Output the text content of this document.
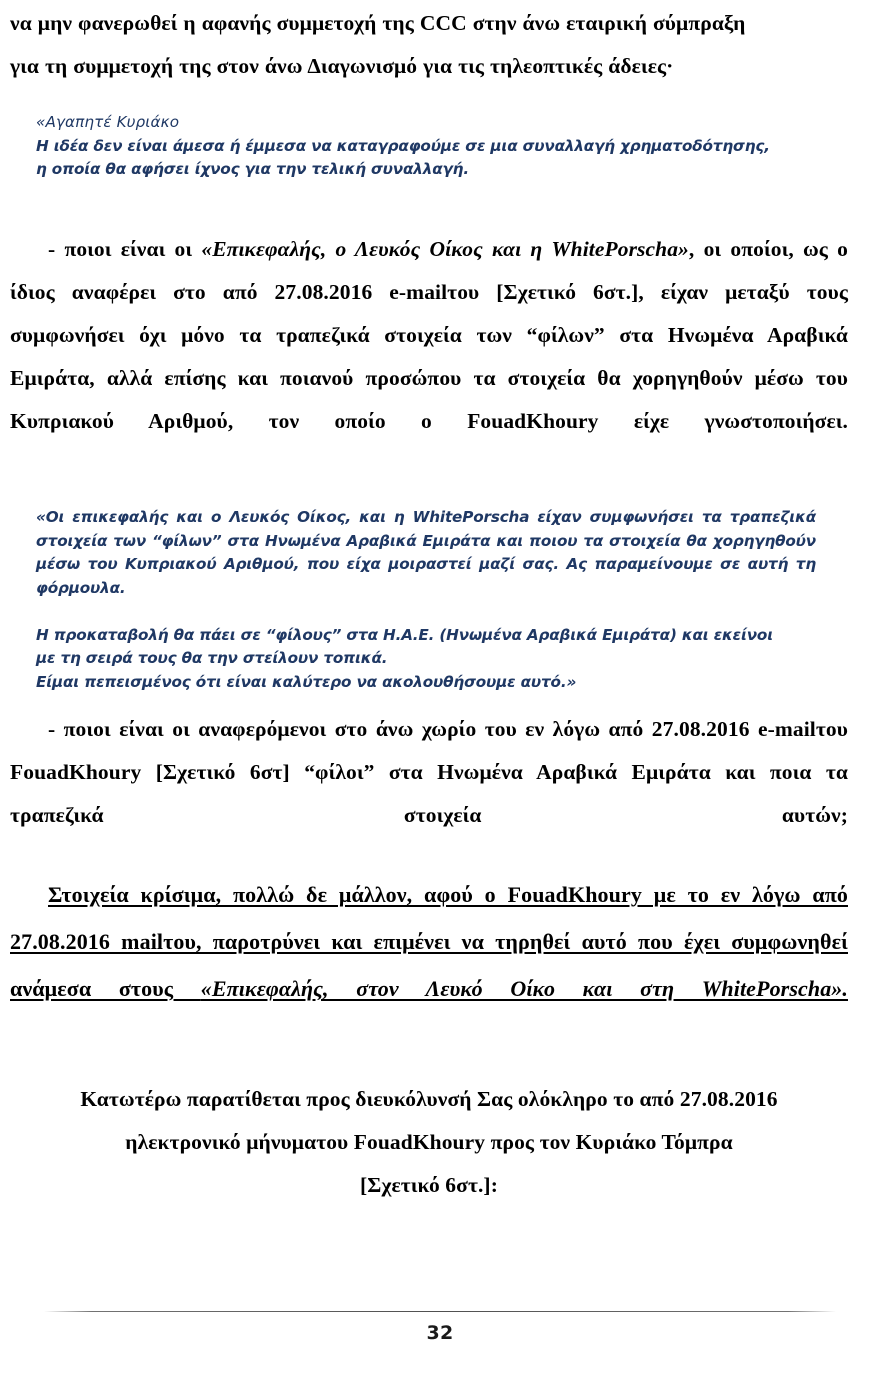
να μην φανερωθεί η αφανής συμμετοχή της CCC στην άνω εταιρική σύμπραξη
για τη συμμετοχή της στον άνω Διαγωνισμό για τις τηλεοπτικές άδειες·

«Αγαπητέ Κυριάκο

Η ιδέα δεν είναι άμεσα ή έμμεσα να καταγραφούμε σε μια συναλλαγή χρηματοδότησης,

η οποία θα αφήσει ίχνος για την τελική συναλλαγή.

- ποιοι είναι οι «Επικεφαλής, ο Λευκός Οίκος και η WhitePorscha», οι οποίοι, ως ο ίδιος αναφέρει στο από 27.08.2016 e-mailτου [Σχετικό 6στ.], είχαν μεταξύ τους συμφωνήσει όχι μόνο τα τραπεζικά στοιχεία των “φίλων” στα Ηνωμένα Αραβικά Εμιράτα, αλλά επίσης και ποιανού προσώπου τα στοιχεία θα χορηγηθούν μέσω του Κυπριακού Αριθμού, τον οποίο ο FouadKhoury είχε γνωστοποιήσει.

«Οι επικεφαλής και ο Λευκός Οίκος, και η WhitePorscha είχαν συμφωνήσει τα τραπεζικά στοιχεία των “φίλων” στα Ηνωμένα Αραβικά Εμιράτα και ποιου τα στοιχεία θα χορηγηθούν μέσω του Κυπριακού Αριθμού, που είχα μοιραστεί μαζί σας. Ας παραμείνουμε σε αυτή τη φόρμουλα.

Η προκαταβολή θα πάει σε “φίλους” στα Η.Α.Ε. (Ηνωμένα Αραβικά Εμιράτα) και εκείνοι

με τη σειρά τους θα την στείλουν τοπικά.

Είμαι πεπεισμένος ότι είναι καλύτερο να ακολουθήσουμε αυτό.»

- ποιοι είναι οι αναφερόμενοι στο άνω χωρίο του εν λόγω από 27.08.2016 e-mailτου FouadKhoury [Σχετικό 6στ] “φίλοι” στα Ηνωμένα Αραβικά Εμιράτα και ποια τα τραπεζικά στοιχεία αυτών;
Στοιχεία κρίσιμα, πολλώ δε μάλλον, αφού ο FouadKhoury με το εν λόγω από 27.08.2016 mailτου, παροτρύνει και επιμένει να τηρηθεί αυτό που έχει συμφωνηθεί ανάμεσα στους «Επικεφαλής, στον Λευκό Οίκο και στη WhitePorscha».
Κατωτέρω παρατίθεται προς διευκόλυνσή Σας ολόκληρο το από 27.08.2016
ηλεκτρονικό μήνυματου FouadKhoury προς τον Κυριάκο Τόμπρα
[Σχετικό 6στ.]:
32
